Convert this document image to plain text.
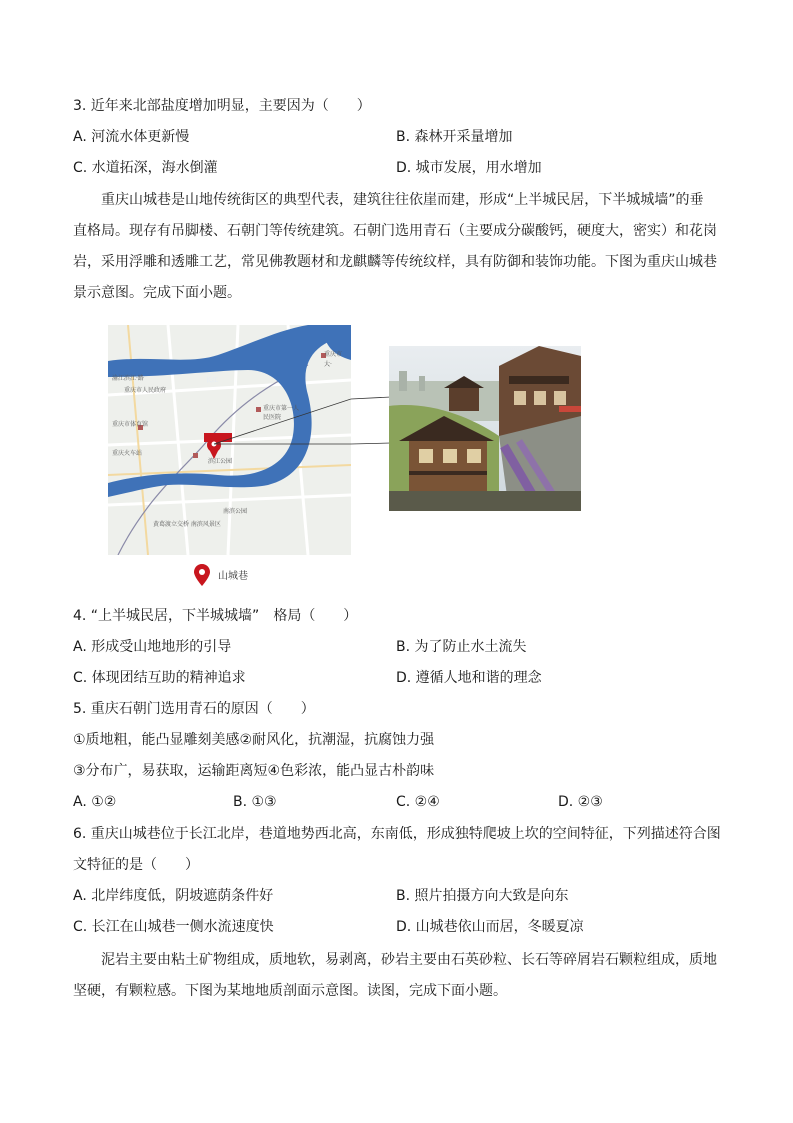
3. 近年来北部盐度增加明显，主要因为（　　）
A. 河流水体更新慢	B. 森林开采量增加
C. 水道拓深，海水倒灌	D. 城市发展，用水增加
重庆山城巷是山地传统街区的典型代表，建筑往往依崖而建，形成“上半城民居，下半城城墙”的垂
直格局。现存有吊脚楼、石朝门等传统建筑。石朝门选用青石（主要成分碳酸钙，硬度大，密实）和花岗
岩，采用浮雕和透雕工艺，常见佛教题材和龙麒麟等传统纹样，具有防御和装饰功能。下图为重庆山城巷
景示意图。完成下面小题。
渝江滨江·路
重庆市人民政府
重庆市体育馆
重庆火车站
重庆市第一人
民医院
滨江公园
南滨公园
黄葛渡立交桥 南滨风景区
长江
重庆市
大·
山城巷
4. “上半城民居，下半城城墙”　格局（　　）
A. 形成受山地地形的引导	B. 为了防止水土流失
C. 体现团结互助的精神追求	D. 遵循人地和谐的理念
5. 重庆石朝门选用青石的原因（　　）
①质地粗，能凸显雕刻美感②耐风化，抗潮湿，抗腐蚀力强
③分布广，易获取，运输距离短④色彩浓，能凸显古朴韵味
A. ①②	B. ①③	C. ②④	D. ②③
6. 重庆山城巷位于长江北岸，巷道地势西北高，东南低，形成独特爬坡上坎的空间特征，下列描述符合图
文特征的是（　　）
A. 北岸纬度低，阴坡遮荫条件好	B. 照片拍摄方向大致是向东
C. 长江在山城巷一侧水流速度快	D. 山城巷依山而居，冬暖夏凉
泥岩主要由粘土矿物组成，质地软，易剥离，砂岩主要由石英砂粒、长石等碎屑岩石颗粒组成，质地
坚硬，有颗粒感。下图为某地地质剖面示意图。读图，完成下面小题。
